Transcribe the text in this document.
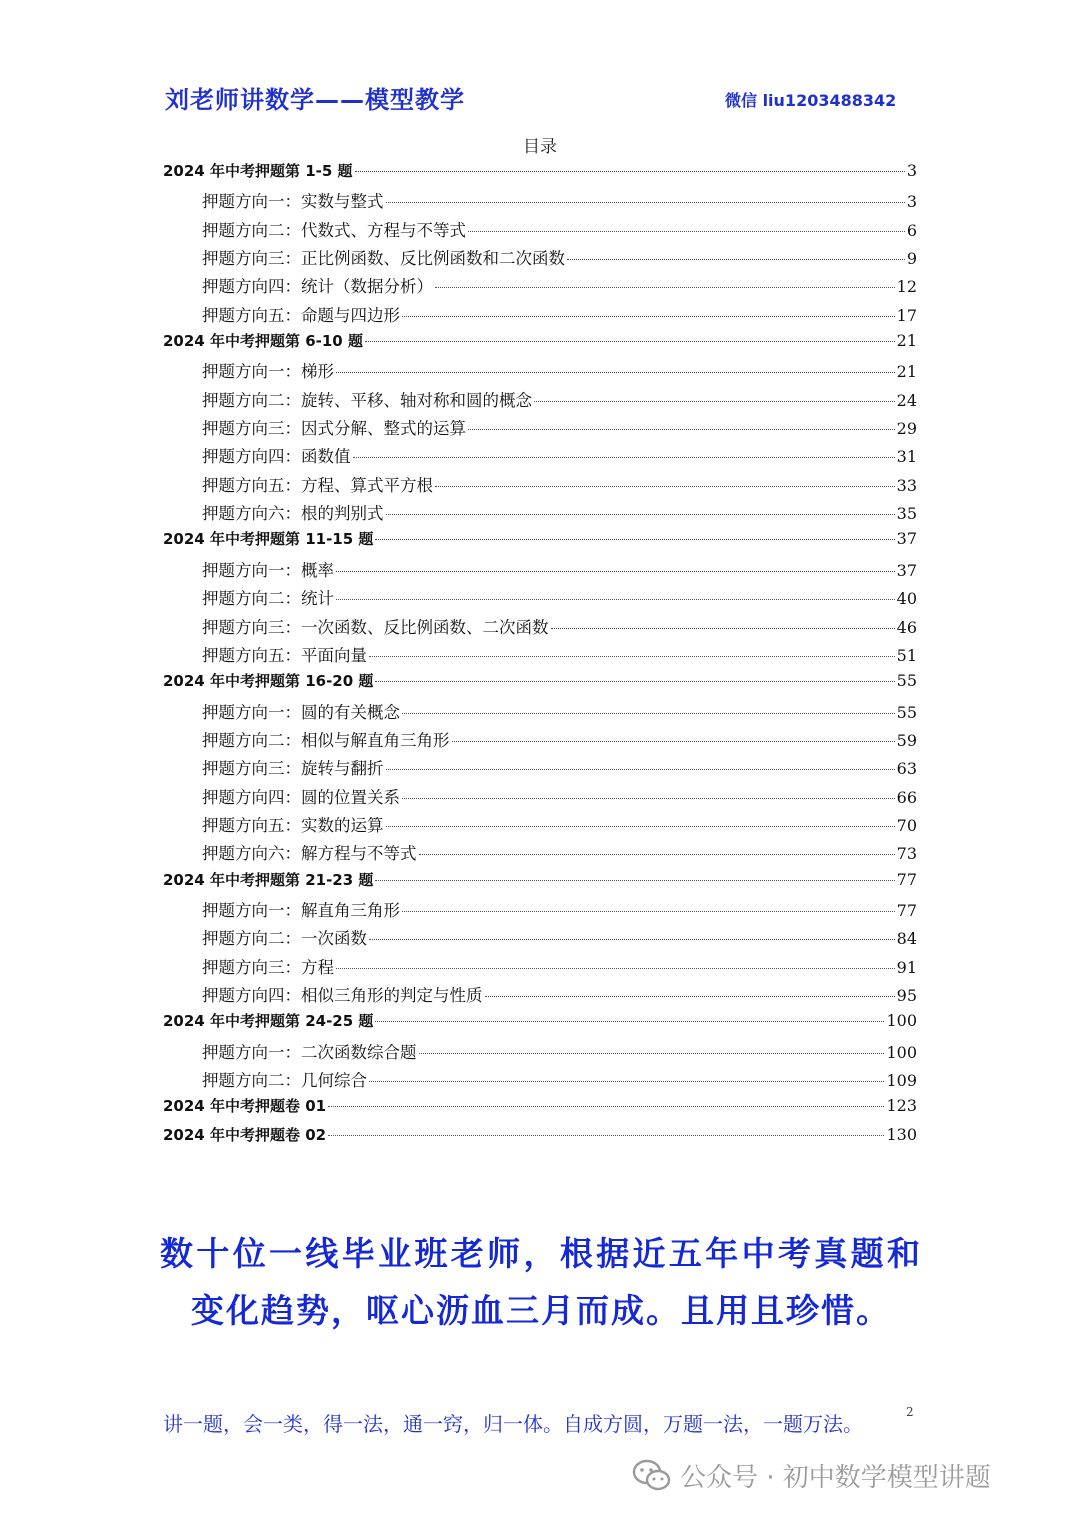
刘老师讲数学——模型教学	微信 liu1203488342
目录
2024 年中考押题第 1-5 题	3
押题方向一：实数与整式	3
押题方向二：代数式、方程与不等式	6
押题方向三：正比例函数、反比例函数和二次函数	9
押题方向四：统计（数据分析）	12
押题方向五：命题与四边形	17
2024 年中考押题第 6-10 题	21
押题方向一：梯形	21
押题方向二：旋转、平移、轴对称和圆的概念	24
押题方向三：因式分解、整式的运算	29
押题方向四：函数值	31
押题方向五：方程、算式平方根	33
押题方向六：根的判别式	35
2024 年中考押题第 11-15 题	37
押题方向一：概率	37
押题方向二：统计	40
押题方向三：一次函数、反比例函数、二次函数	46
押题方向五：平面向量	51
2024 年中考押题第 16-20 题	55
押题方向一：圆的有关概念	55
押题方向二：相似与解直角三角形	59
押题方向三：旋转与翻折	63
押题方向四：圆的位置关系	66
押题方向五：实数的运算	70
押题方向六：解方程与不等式	73
2024 年中考押题第 21-23 题	77
押题方向一：解直角三角形	77
押题方向二：一次函数	84
押题方向三：方程	91
押题方向四：相似三角形的判定与性质	95
2024 年中考押题第 24-25 题	100
押题方向一：二次函数综合题	100
押题方向二：几何综合	109
2024 年中考押题卷 01	123
2024 年中考押题卷 02	130
数十位一线毕业班老师，根据近五年中考真题和变化趋势，呕心沥血三月而成。且用且珍惜。
讲一题，会一类，得一法，通一窍，归一体。自成方圆，万题一法，一题万法。	2
公众号 · 初中数学模型讲题
